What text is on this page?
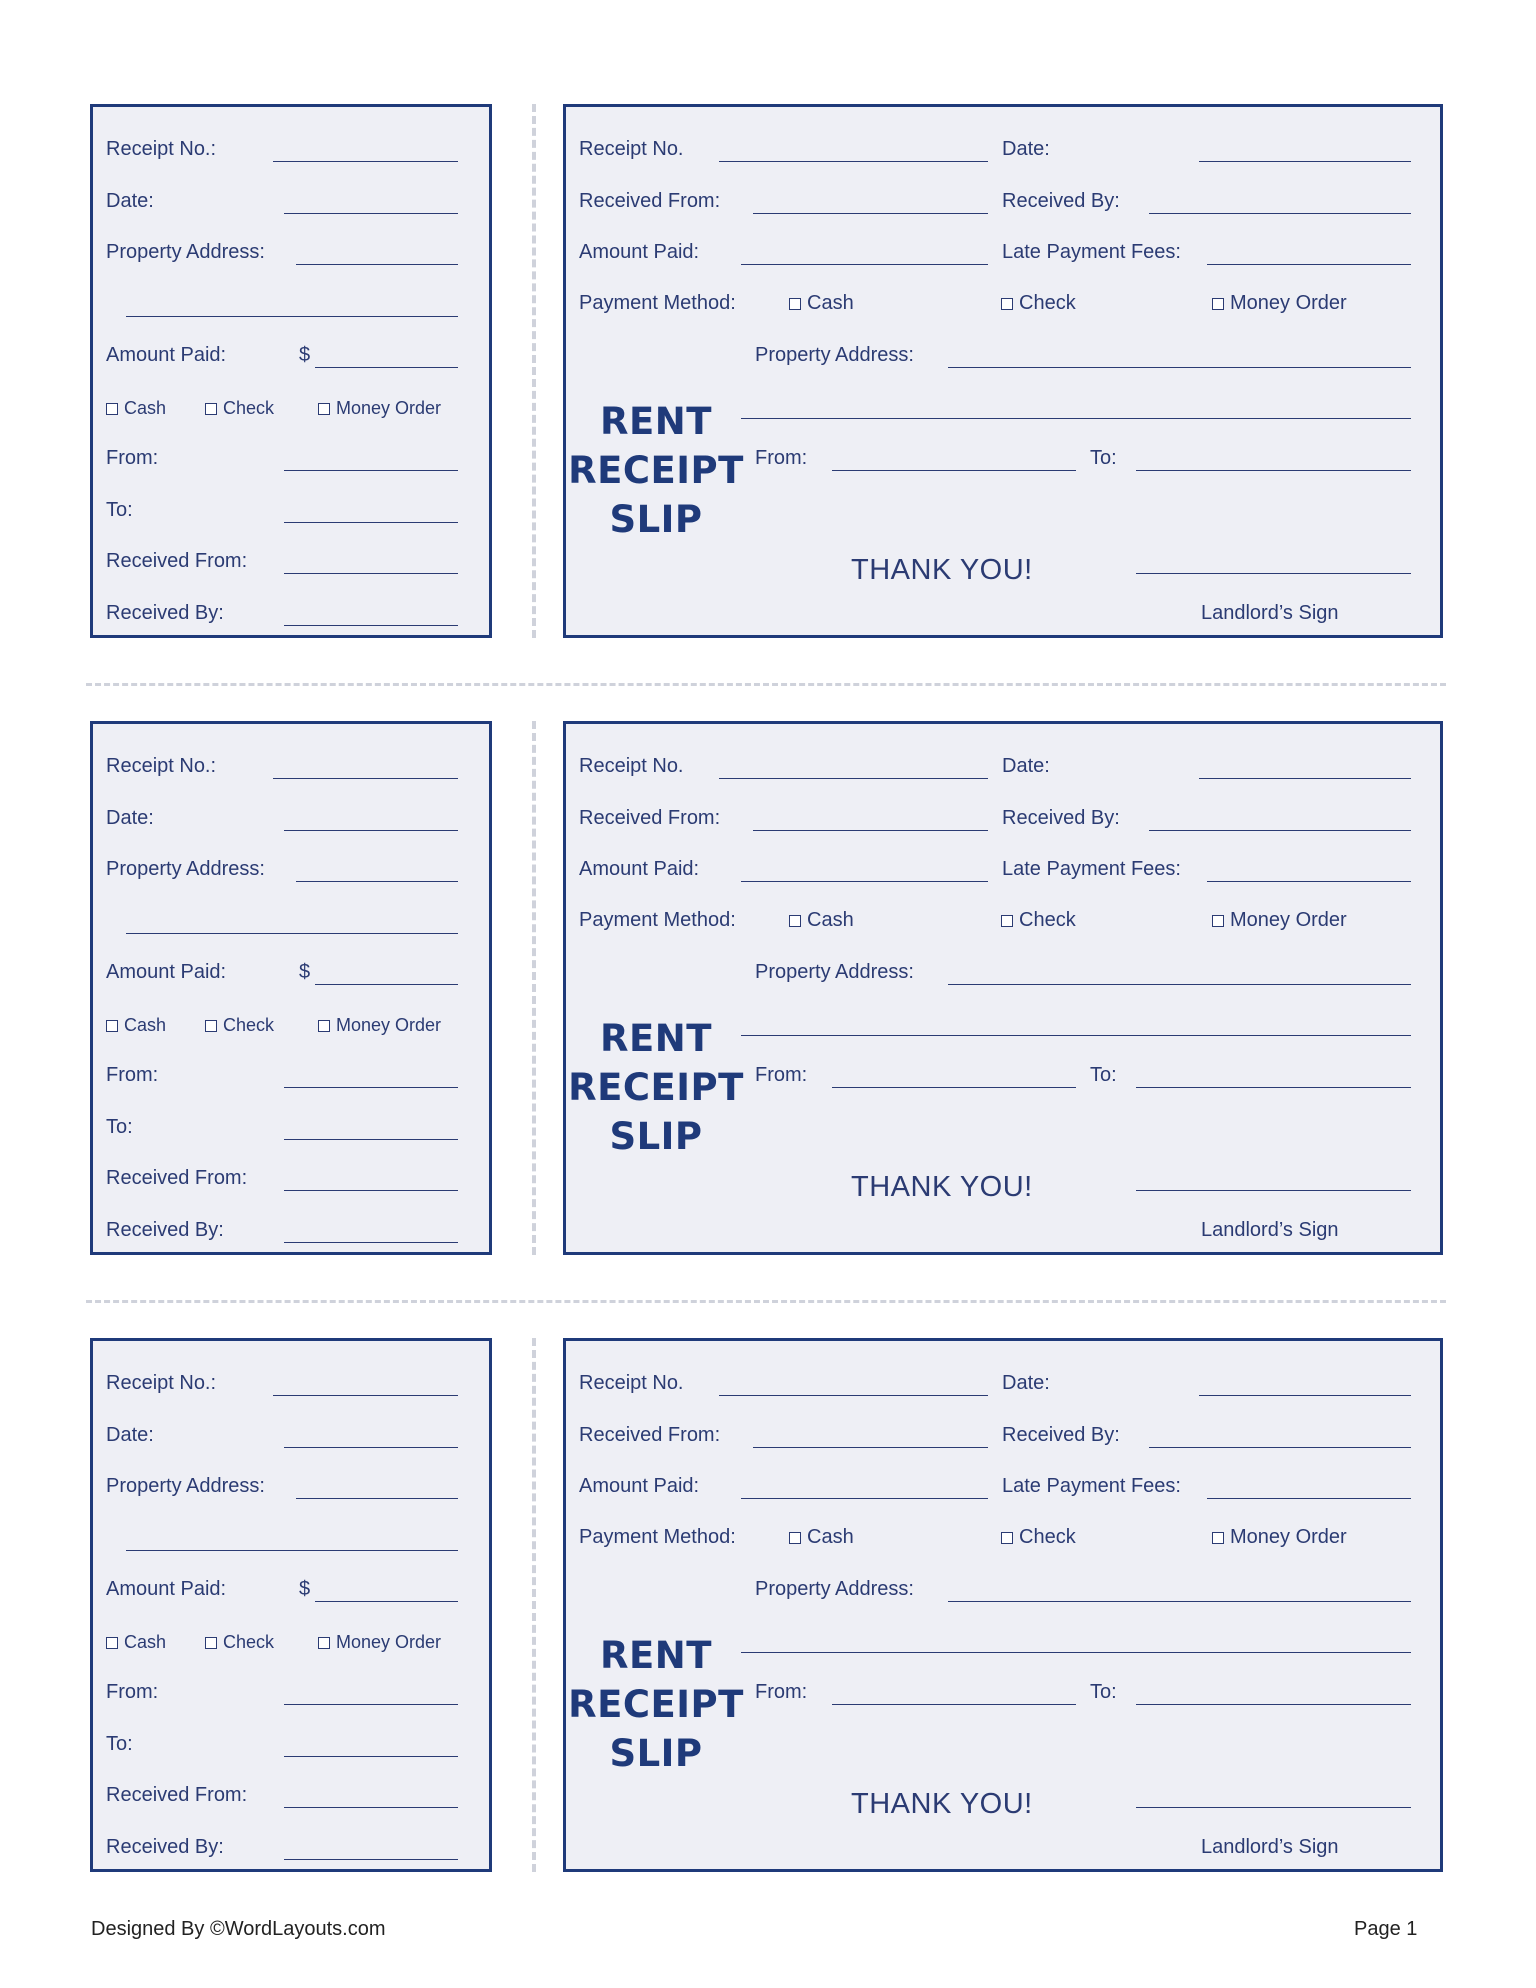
Receipt No.:
Date:
Property Address:
Amount Paid:	$
Cash	Check	Money Order
From:
To:
Received From:
Received By:
Receipt No.	Date:
Received From:	Received By:
Amount Paid:	Late Payment Fees:
Payment Method:	Cash	Check	Money Order
Property Address:
RENT
RECEIPT
SLIP
From:	To:
THANK YOU!
Landlord’s Sign
Receipt No.:
Date:
Property Address:
Amount Paid:	$
Cash	Check	Money Order
From:
To:
Received From:
Received By:
Receipt No.	Date:
Received From:	Received By:
Amount Paid:	Late Payment Fees:
Payment Method:	Cash	Check	Money Order
Property Address:
RENT
RECEIPT
SLIP
From:	To:
THANK YOU!
Landlord’s Sign
Receipt No.:
Date:
Property Address:
Amount Paid:	$
Cash	Check	Money Order
From:
To:
Received From:
Received By:
Receipt No.	Date:
Received From:	Received By:
Amount Paid:	Late Payment Fees:
Payment Method:	Cash	Check	Money Order
Property Address:
RENT
RECEIPT
SLIP
From:	To:
THANK YOU!
Landlord’s Sign
Designed By ©WordLayouts.com	Page 1
